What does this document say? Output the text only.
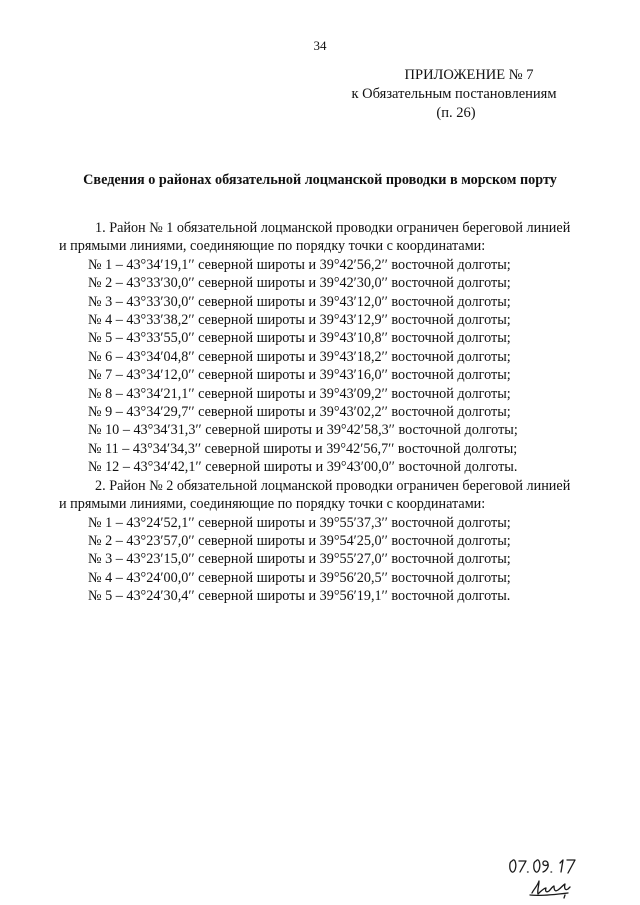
34
ПРИЛОЖЕНИЕ № 7
к Обязательным постановлениям
(п. 26)
Сведения о районах обязательной лоцманской проводки в морском порту
1. Район № 1 обязательной лоцманской проводки ограничен береговой линией
и прямыми линиями, соединяющие по порядку точки с координатами:
№ 1 – 43°34′19,1′′ северной широты и 39°42′56,2′′ восточной долготы;
№ 2 – 43°33′30,0′′ северной широты и 39°42′30,0′′ восточной долготы;
№ 3 – 43°33′30,0′′ северной широты и 39°43′12,0′′ восточной долготы;
№ 4 – 43°33′38,2′′ северной широты и 39°43′12,9′′ восточной долготы;
№ 5 – 43°33′55,0′′ северной широты и 39°43′10,8′′ восточной долготы;
№ 6 – 43°34′04,8′′ северной широты и 39°43′18,2′′ восточной долготы;
№ 7 – 43°34′12,0′′ северной широты и 39°43′16,0′′ восточной долготы;
№ 8 – 43°34′21,1′′ северной широты и 39°43′09,2′′ восточной долготы;
№ 9 – 43°34′29,7′′ северной широты и 39°43′02,2′′ восточной долготы;
№ 10 – 43°34′31,3′′ северной широты и 39°42′58,3′′ восточной долготы;
№ 11 – 43°34′34,3′′ северной широты и 39°42′56,7′′ восточной долготы;
№ 12 – 43°34′42,1′′ северной широты и 39°43′00,0′′ восточной долготы.
2. Район № 2 обязательной лоцманской проводки ограничен береговой линией
и прямыми линиями, соединяющие по порядку точки с координатами:
№ 1 – 43°24′52,1′′ северной широты и 39°55′37,3′′ восточной долготы;
№ 2 – 43°23′57,0′′ северной широты и 39°54′25,0′′ восточной долготы;
№ 3 – 43°23′15,0′′ северной широты и 39°55′27,0′′ восточной долготы;
№ 4 – 43°24′00,0′′ северной широты и 39°56′20,5′′ восточной долготы;
№ 5 – 43°24′30,4′′ северной широты и 39°56′19,1′′ восточной долготы.
